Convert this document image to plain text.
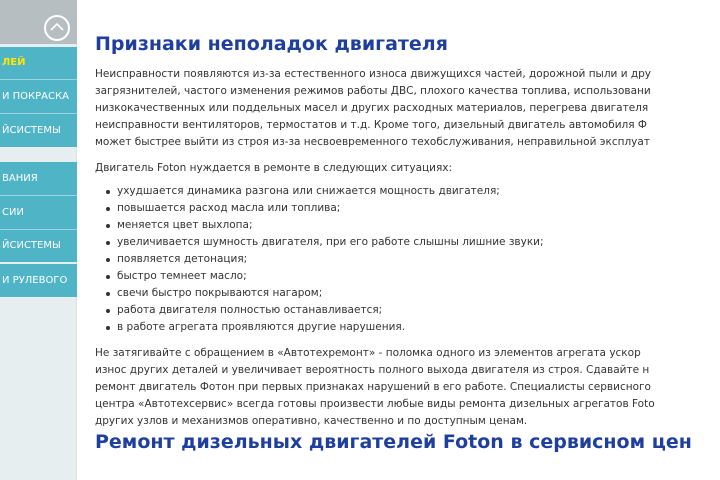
ЛЕЙ
И ПОКРАСКА
ЙСИСТЕМЫ
ВАНИЯ
СИИ
ЙСИСТЕМЫ
И РУЛЕВОГО
Признаки неполадок двигателя
Неисправности появляются из-за естественного износа движущихся частей, дорожной пыли и дру
загрязнителей, частого изменения режимов работы ДВС, плохого качества топлива, использовани
низкокачественных или поддельных масел и других расходных материалов, перегрева двигателя
неисправности вентиляторов, термостатов и т.д. Кроме того, дизельный двигатель автомобиля Ф
может быстрее выйти из строя из-за несвоевременного техобслуживания, неправильной эксплуат
Двигатель Foton нуждается в ремонте в следующих ситуациях:
ухудшается динамика разгона или снижается мощность двигателя;
повышается расход масла или топлива;
меняется цвет выхлопа;
увеличивается шумность двигателя, при его работе слышны лишние звуки;
появляется детонация;
быстро темнеет масло;
свечи быстро покрываются нагаром;
работа двигателя полностью останавливается;
в работе агрегата проявляются другие нарушения.
Не затягивайте с обращением в «Автотехремонт» - поломка одного из элементов агрегата ускор
износ других деталей и увеличивает вероятность полного выхода двигателя из строя. Сдавайте н
ремонт двигатель Фотон при первых признаках нарушений в его работе. Специалисты сервисного
центра «Автотехсервис» всегда готовы произвести любые виды ремонта дизельных агрегатов Foto
других узлов и механизмов оперативно, качественно и по доступным ценам.
Ремонт дизельных двигателей Foton в сервисном цен
